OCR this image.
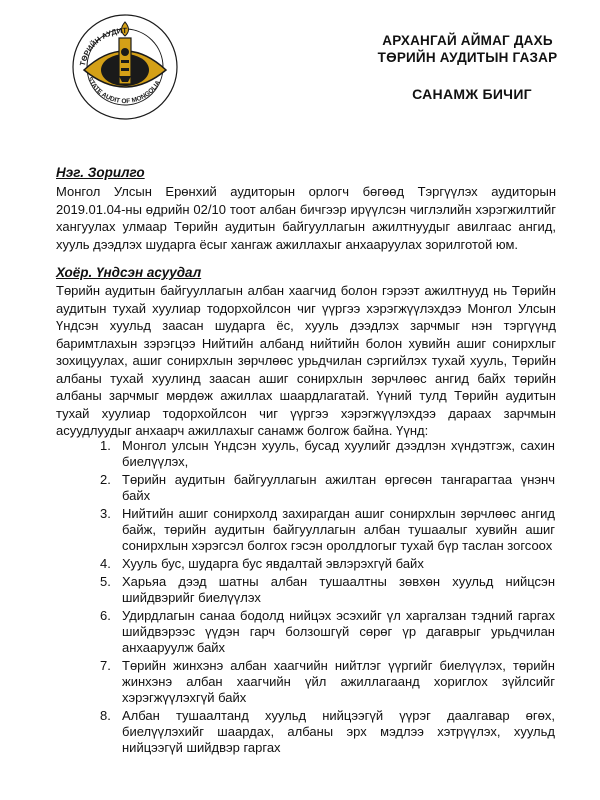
ТӨРИЙН АУДИТ
STATE AUDIT OF MONGOLIA
АРХАНГАЙ АЙМАГ ДАХЬ
ТӨРИЙН АУДИТЫН ГАЗАР
САНАМЖ БИЧИГ
Нэг. Зорилго
Монгол Улсын Ерөнхий аудиторын орлогч бөгөөд Тэргүүлэх аудиторын 2019.01.04-ны өдрийн 02/10 тоот албан бичгээр ирүүлсэн чиглэлийн хэрэгжилтийг хангуулах улмаар Төрийн аудитын байгууллагын ажилтнуудыг авилгаас ангид, хууль дээдлэх шударга ёсыг хангаж ажиллахыг анхааруулах зорилготой юм.
Хоёр. Үндсэн асуудал
Төрийн аудитын байгууллагын албан хаагчид болон гэрээт ажилтнууд нь Төрийн аудитын тухай хуулиар тодорхойлсон чиг үүргээ хэрэгжүүлэхдээ Монгол Улсын Үндсэн хуульд заасан шударга ёс, хууль дээдлэх зарчмыг нэн тэргүүнд баримтлахын зэрэгцээ Нийтийн албанд нийтийн болон хувийн ашиг сонирхлыг зохицуулах, ашиг сонирхлын зөрчлөөс урьдчилан сэргийлэх тухай хууль, Төрийн албаны тухай хуулинд заасан ашиг сонирхлын зөрчлөөс ангид байх төрийн албаны зарчмыг мөрдөж ажиллах шаардлагатай. Үүний тулд Төрийн аудитын тухай хуулиар тодорхойлсон чиг үүргээ хэрэгжүүлэхдээ дараах зарчмын асуудлуудыг анхаарч ажиллахыг санамж болгож байна. Үүнд:
1. Монгол улсын Үндсэн хууль, бусад хуулийг дээдлэн хүндэтгэж, сахин биелүүлэх,
2. Төрийн аудитын байгууллагын ажилтан өргөсөн тангарагтаа үнэнч байх
3. Нийтийн ашиг сонирхолд захирагдан ашиг сонирхлын зөрчлөөс ангид байж, төрийн аудитын байгууллагын албан тушаалыг хувийн ашиг сонирхлын хэрэгсэл болгох гэсэн оролдлогыг тухай бүр таслан зогсоох
4. Хууль бус, шударга бус явдалтай эвлэрэхгүй байх
5. Харьяа дээд шатны албан тушаалтны зөвхөн хуульд нийцсэн шийдвэрийг биелүүлэх
6. Удирдлагын санаа бодолд нийцэх эсэхийг үл харгалзан тэдний гаргах шийдвэрээс үүдэн гарч болзошгүй сөрөг үр дагаврыг урьдчилан анхааруулж байх
7. Төрийн жинхэнэ албан хаагчийн нийтлэг үүргийг биелүүлэх, төрийн жинхэнэ албан хаагчийн үйл ажиллагаанд хориглох зүйлсийг хэрэгжүүлэхгүй байх
8. Албан тушаалтанд хуульд нийцээгүй үүрэг даалгавар өгөх, биелүүлэхийг шаардах, албаны эрх мэдлээ хэтрүүлэх, хуульд нийцээгүй шийдвэр гаргах
